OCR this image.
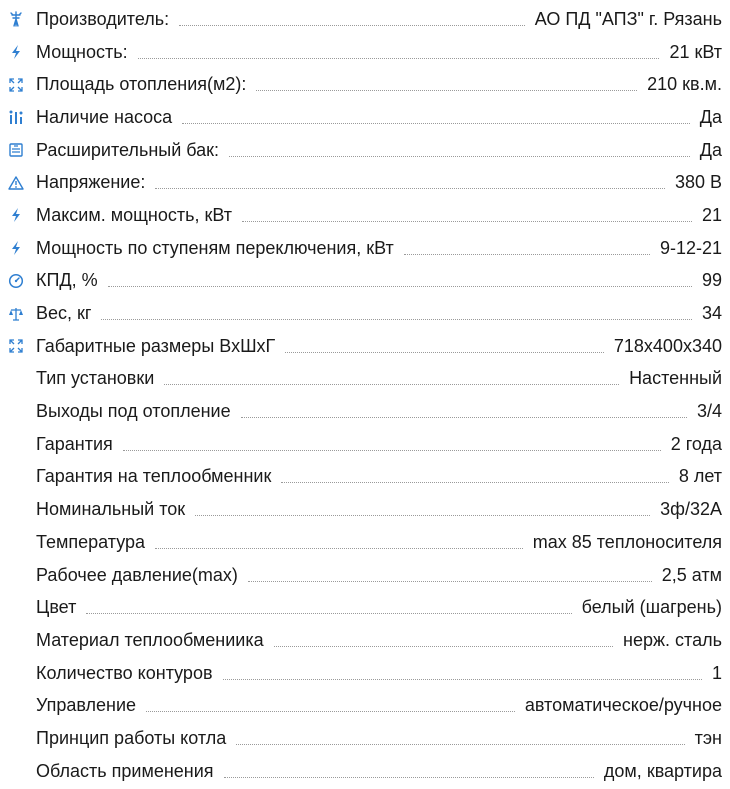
Производитель:	АО ПД "АПЗ" г. Рязань
Мощность:	21 кВт
Площадь отопления(м2):	210 кв.м.
Наличие насоса	Да
Расширительный бак:	Да
Напряжение:	380 В
Максим. мощность, кВт	21
Мощность по ступеням переключения, кВт	9-12-21
КПД, %	99
Вес, кг	34
Габаритные размеры ВхШхГ	718x400x340
Тип установки	Настенный
Выходы под отопление	3/4
Гарантия	2 года
Гарантия на теплообменник	8 лет
Номинальный ток	3ф/32А
Температура	max 85 теплоносителя
Рабочее давление(max)	2,5 атм
Цвет	белый (шагрень)
Материал теплообмениика	нерж. сталь
Количество контуров	1
Управление	автоматическое/ручное
Принцип работы котла	тэн
Область применения	дом, квартира
